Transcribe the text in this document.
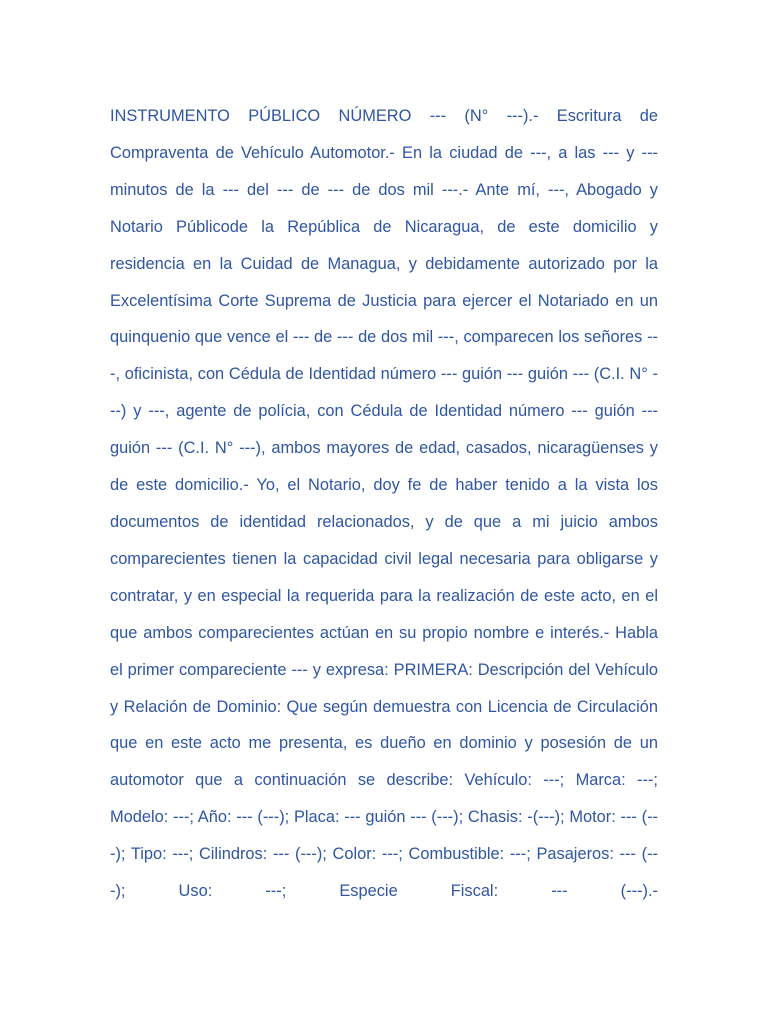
INSTRUMENTO PÚBLICO NÚMERO --- (N° ---).- Escritura de Compraventa de Vehículo Automotor.- En la ciudad de ---, a las --- y --- minutos de la --- del --- de --- de dos mil ---.- Ante mí, ---, Abogado y Notario Públicode la República de Nicaragua, de este domicilio y residencia en la Cuidad de Managua, y debidamente autorizado por la Excelentísima Corte Suprema de Justicia para ejercer el Notariado en un quinquenio que vence el --- de --- de dos mil ---, comparecen los señores ---, oficinista, con Cédula de Identidad número --- guión --- guión --- (C.I. N° ---) y ---, agente de polícia, con Cédula de Identidad número --- guión --- guión --- (C.I. N° ---), ambos mayores de edad, casados, nicaragüenses y de este domicilio.- Yo, el Notario, doy fe de haber tenido a la vista los documentos de identidad relacionados, y de que a mi juicio ambos comparecientes tienen la capacidad civil legal necesaria para obligarse y contratar, y en especial la requerida para la realización de este acto, en el que ambos comparecientes actúan en su propio nombre e interés.- Habla el primer compareciente --- y expresa: PRIMERA: Descripción del Vehículo y Relación de Dominio: Que según demuestra con Licencia de Circulación que en este acto me presenta, es dueño en dominio y posesión de un automotor que a continuación se describe: Vehículo: ---; Marca: ---; Modelo: ---; Año: --- (---); Placa: --- guión --- (---); Chasis: -(---); Motor: --- (---); Tipo: ---; Cilindros: --- (---); Color: ---; Combustible: ---; Pasajeros: --- (---); Uso: ---; Especie Fiscal: --- (---).-
